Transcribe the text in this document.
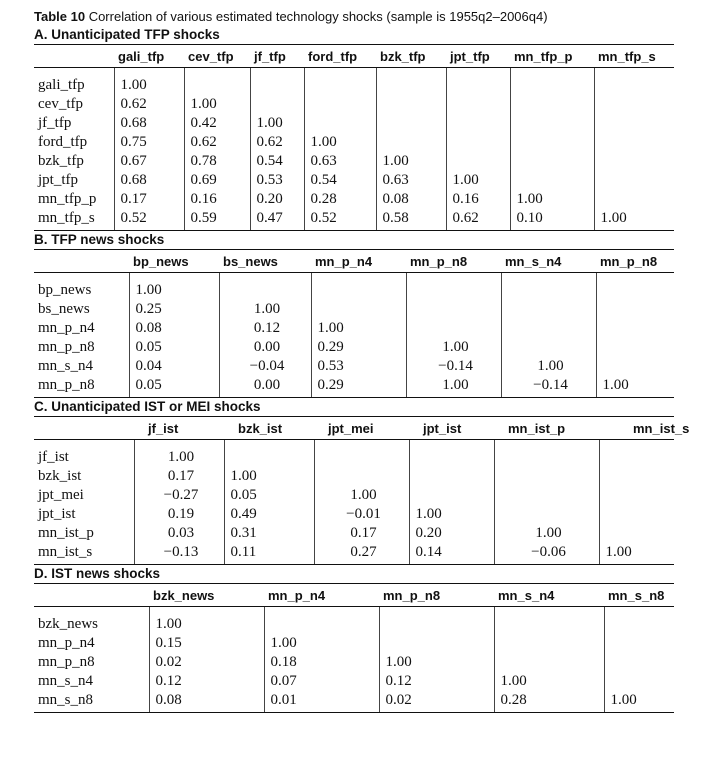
Table 10 Correlation of various estimated technology shocks (sample is 1955q2–2006q4)
A. Unanticipated TFP shocks
	gali_tfp	cev_tfp	jf_tfp	ford_tfp	bzk_tfp	jpt_tfp	mn_tfp_p	mn_tfp_s

gali_tfp	1.00							
cev_tfp	0.62	1.00						
jf_tfp	0.68	0.42	1.00					
ford_tfp	0.75	0.62	0.62	1.00				
bzk_tfp	0.67	0.78	0.54	0.63	1.00			
jpt_tfp	0.68	0.69	0.53	0.54	0.63	1.00		
mn_tfp_p	0.17	0.16	0.20	0.28	0.08	0.16	1.00	
mn_tfp_s	0.52	0.59	0.47	0.52	0.58	0.62	0.10	1.00
B. TFP news shocks
	bp_news	bs_news	mn_p_n4	mn_p_n8	mn_s_n4	mn_p_n8

bp_news	1.00					
bs_news	0.25	1.00				
mn_p_n4	0.08	0.12	1.00			
mn_p_n8	0.05	0.00	0.29	1.00		
mn_s_n4	0.04	−0.04	0.53	−0.14	1.00	
mn_p_n8	0.05	0.00	0.29	1.00	−0.14	1.00
C. Unanticipated IST or MEI shocks
	jf_ist	bzk_ist	jpt_mei	jpt_ist	mn_ist_p	mn_ist_s

jf_ist	1.00					
bzk_ist	0.17	1.00				
jpt_mei	−0.27	0.05	1.00			
jpt_ist	0.19	0.49	−0.01	1.00		
mn_ist_p	0.03	0.31	0.17	0.20	1.00	
mn_ist_s	−0.13	0.11	0.27	0.14	−0.06	1.00
D. IST news shocks
	bzk_news	mn_p_n4	mn_p_n8	mn_s_n4	mn_s_n8

bzk_news	1.00				
mn_p_n4	0.15	1.00			
mn_p_n8	0.02	0.18	1.00		
mn_s_n4	0.12	0.07	0.12	1.00	
mn_s_n8	0.08	0.01	0.02	0.28	1.00
